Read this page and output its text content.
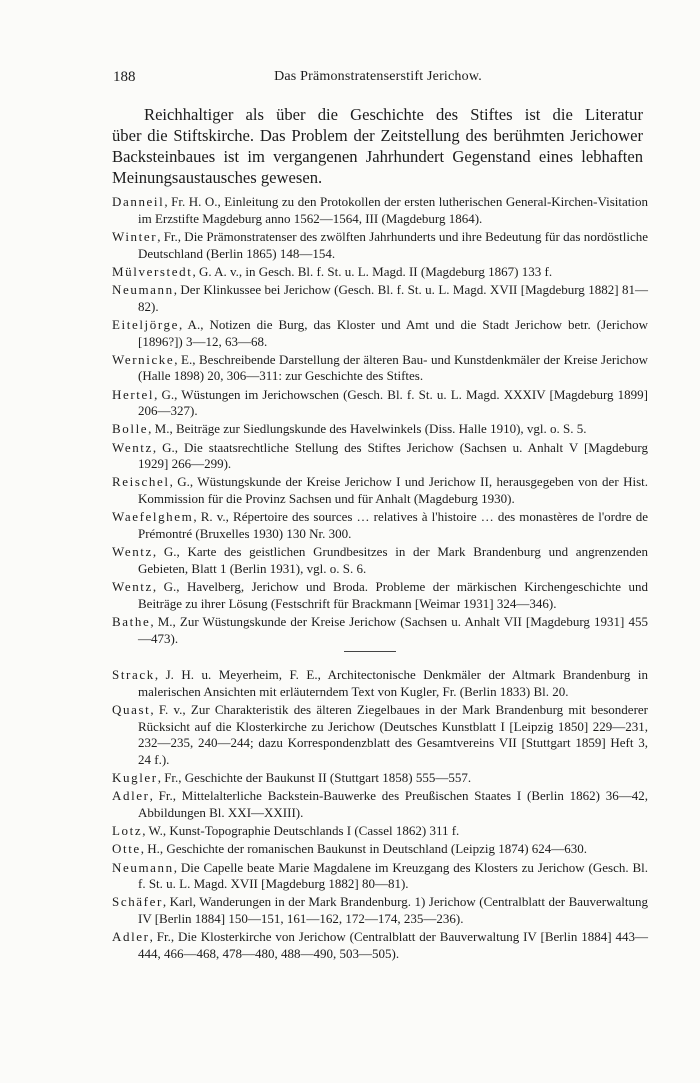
188	Das Prämonstratenserstift Jerichow.
Reichhaltiger als über die Geschichte des Stiftes ist die Literatur
über die Stiftskirche. Das Problem der Zeitstellung des berühmten Jerichower
Backsteinbaues ist im vergangenen Jahrhundert Gegenstand eines lebhaften
Meinungsaustausches gewesen.

Danneil, Fr. H. O., Einleitung zu den Protokollen der ersten lutherischen General-Kirchen-Visitation im Erzstifte Magdeburg anno 1562—1564, III (Magdeburg 1864).

Winter, Fr., Die Prämonstratenser des zwölften Jahrhunderts und ihre Bedeutung für das nordöstliche Deutschland (Berlin 1865) 148—154.

Mülverstedt, G. A. v., in Gesch. Bl. f. St. u. L. Magd. II (Magdeburg 1867) 133 f.

Neumann, Der Klinkussee bei Jerichow (Gesch. Bl. f. St. u. L. Magd. XVII [Magdeburg 1882] 81—82).

Eiteljörge, A., Notizen die Burg, das Kloster und Amt und die Stadt Jerichow betr. (Jerichow [1896?]) 3—12, 63—68.

Wernicke, E., Beschreibende Darstellung der älteren Bau- und Kunstdenkmäler der Kreise Jerichow (Halle 1898) 20, 306—311: zur Geschichte des Stiftes.

Hertel, G., Wüstungen im Jerichowschen (Gesch. Bl. f. St. u. L. Magd. XXXIV [Magdeburg 1899] 206—327).

Bolle, M., Beiträge zur Siedlungskunde des Havelwinkels (Diss. Halle 1910), vgl. o. S. 5.

Wentz, G., Die staatsrechtliche Stellung des Stiftes Jerichow (Sachsen u. Anhalt V [Magdeburg 1929] 266—299).

Reischel, G., Wüstungskunde der Kreise Jerichow I und Jerichow II, herausgegeben von der Hist. Kommission für die Provinz Sachsen und für Anhalt (Magdeburg 1930).

Waefelghem, R. v., Répertoire des sources … relatives à l'histoire … des monastères de l'ordre de Prémontré (Bruxelles 1930) 130 Nr. 300.

Wentz, G., Karte des geistlichen Grundbesitzes in der Mark Brandenburg und angrenzenden Gebieten, Blatt 1 (Berlin 1931), vgl. o. S. 6.

Wentz, G., Havelberg, Jerichow und Broda. Probleme der märkischen Kirchengeschichte und Beiträge zu ihrer Lösung (Festschrift für Brackmann [Weimar 1931] 324—346).

Bathe, M., Zur Wüstungskunde der Kreise Jerichow (Sachsen u. Anhalt VII [Magdeburg 1931] 455—473).

Strack, J. H. u. Meyerheim, F. E., Architectonische Denkmäler der Altmark Brandenburg in malerischen Ansichten mit erläuterndem Text von Kugler, Fr. (Berlin 1833) Bl. 20.

Quast, F. v., Zur Charakteristik des älteren Ziegelbaues in der Mark Brandenburg mit besonderer Rücksicht auf die Klosterkirche zu Jerichow (Deutsches Kunstblatt I [Leipzig 1850] 229—231, 232—235, 240—244; dazu Korrespondenzblatt des Gesamtvereins VII [Stuttgart 1859] Heft 3, 24 f.).

Kugler, Fr., Geschichte der Baukunst II (Stuttgart 1858) 555—557.

Adler, Fr., Mittelalterliche Backstein-Bauwerke des Preußischen Staates I (Berlin 1862) 36—42, Abbildungen Bl. XXI—XXIII).

Lotz, W., Kunst-Topographie Deutschlands I (Cassel 1862) 311 f.

Otte, H., Geschichte der romanischen Baukunst in Deutschland (Leipzig 1874) 624—630.

Neumann, Die Capelle beate Marie Magdalene im Kreuzgang des Klosters zu Jerichow (Gesch. Bl. f. St. u. L. Magd. XVII [Magdeburg 1882] 80—81).

Schäfer, Karl, Wanderungen in der Mark Brandenburg. 1) Jerichow (Centralblatt der Bauverwaltung IV [Berlin 1884] 150—151, 161—162, 172—174, 235—236).

Adler, Fr., Die Klosterkirche von Jerichow (Centralblatt der Bauverwaltung IV [Berlin 1884] 443—444, 466—468, 478—480, 488—490, 503—505).
